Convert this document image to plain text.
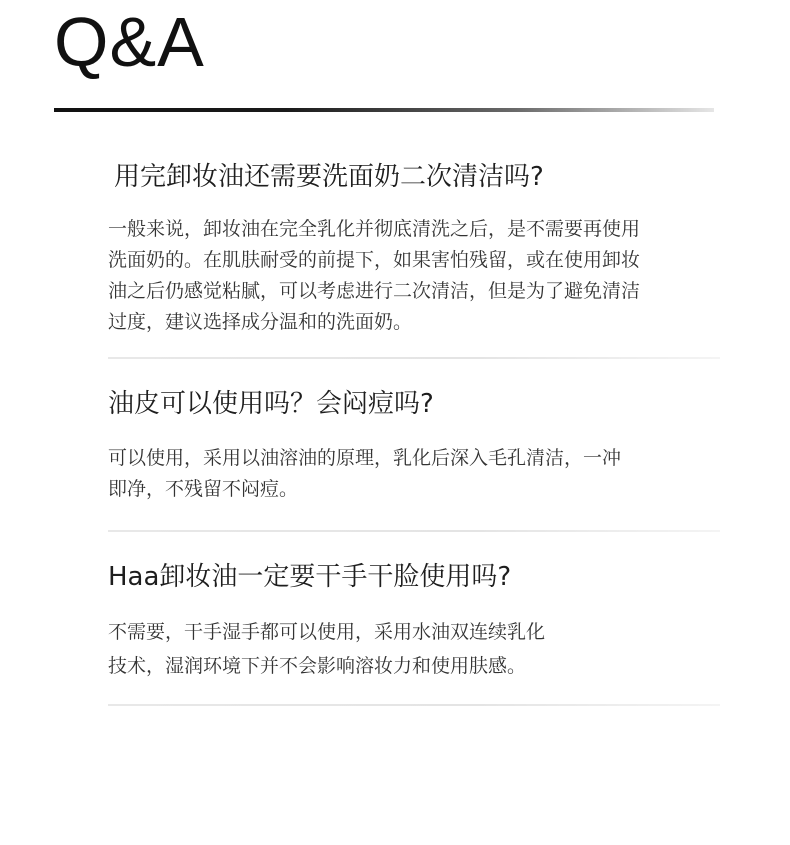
Q&A
用完卸妆油还需要洗面奶二次清洁吗?
一般来说，卸妆油在完全乳化并彻底清洗之后，是不需要再使用
洗面奶的。在肌肤耐受的前提下，如果害怕残留，或在使用卸妆
油之后仍感觉粘腻，可以考虑进行二次清洁，但是为了避免清洁
过度，建议选择成分温和的洗面奶。
油皮可以使用吗？会闷痘吗?
可以使用，采用以油溶油的原理，乳化后深入毛孔清洁，一冲
即净，不残留不闷痘。
Haa卸妆油一定要干手干脸使用吗?
不需要，干手湿手都可以使用，采用水油双连续乳化
技术，湿润环境下并不会影响溶妆力和使用肤感。
